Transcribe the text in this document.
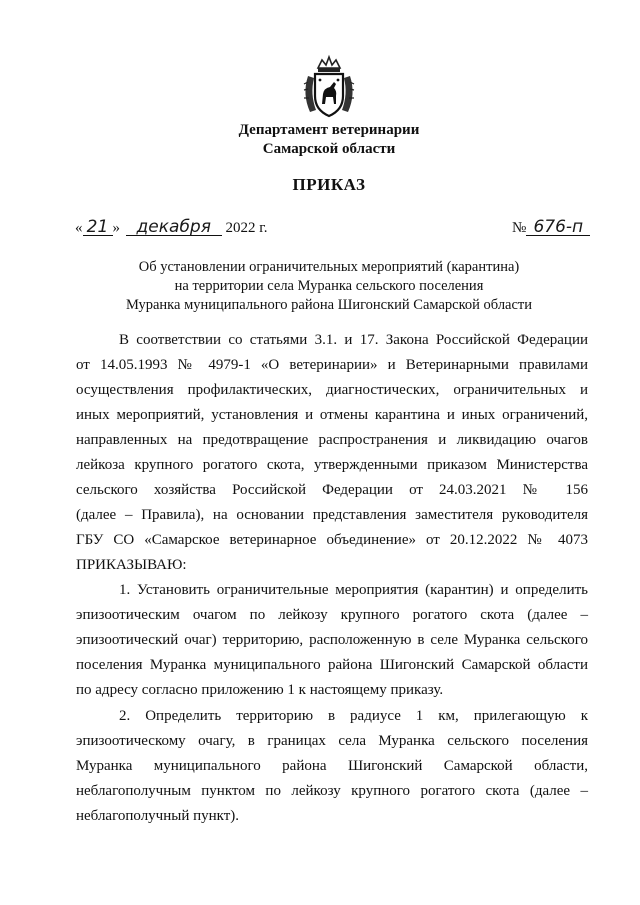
Департамент ветеринарии
Самарской области
ПРИКАЗ
« 21 » декабря 2022 г.	№ 676-п
Об установлении ограничительных мероприятий (карантина)
на территории села Муранка сельского поселения
Муранка муниципального района Шигонский Самарской области
В соответствии со статьями 3.1. и 17. Закона Российской Федерации
от 14.05.1993 № 4979-1 «О ветеринарии» и Ветеринарными правилами
осуществления профилактических, диагностических, ограничительных и
иных мероприятий, установления и отмены карантина и иных ограничений,
направленных на предотвращение распространения и ликвидацию очагов
лейкоза крупного рогатого скота, утвержденными приказом Министерства
сельского хозяйства Российской Федерации от 24.03.2021 № 156
(далее – Правила), на основании представления заместителя руководителя
ГБУ СО «Самарское ветеринарное объединение» от 20.12.2022 № 4073
ПРИКАЗЫВАЮ:
1. Установить ограничительные мероприятия (карантин) и определить
эпизоотическим очагом по лейкозу крупного рогатого скота (далее –
эпизоотический очаг) территорию, расположенную в селе Муранка сельского
поселения Муранка муниципального района Шигонский Самарской области
по адресу согласно приложению 1 к настоящему приказу.
2. Определить территорию в радиусе 1 км, прилегающую к
эпизоотическому очагу, в границах села Муранка сельского поселения
Муранка муниципального района Шигонский Самарской области,
неблагополучным пунктом по лейкозу крупного рогатого скота (далее –
неблагополучный пункт).
